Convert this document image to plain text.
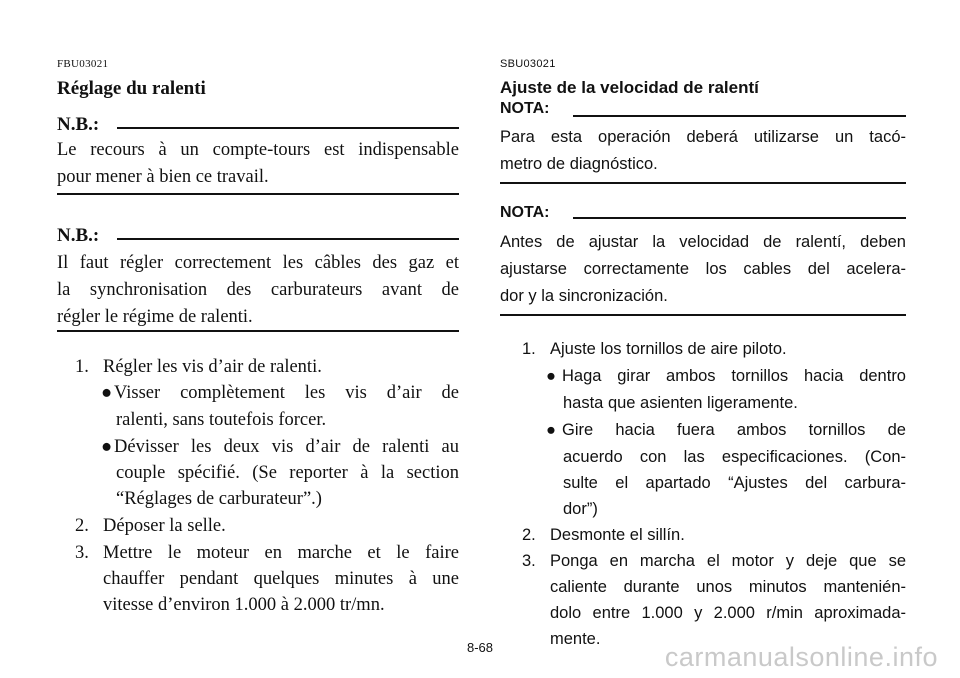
FBU03021
Réglage du ralenti
N.B.:
Le recours à un compte-tours est indispensable
pour mener à bien ce travail.
N.B.:
Il faut régler correctement les câbles des gaz et
la synchronisation des carburateurs avant de
régler le régime de ralenti.
1. Régler les vis d’air de ralenti.
● Visser complètement les vis d’air de
ralenti, sans toutefois forcer.
● Dévisser les deux vis d’air de ralenti au
couple spécifié. (Se reporter à la section
“Réglages de carburateur”.)
2. Déposer la selle.
3. Mettre le moteur en marche et le faire
chauffer pendant quelques minutes à une
vitesse d’environ 1.000 à 2.000 tr/mn.
SBU03021
Ajuste de la velocidad de ralentí
NOTA:
Para esta operación deberá utilizarse un tacó-
metro de diagnóstico.
NOTA:
Antes de ajustar la velocidad de ralentí, deben
ajustarse correctamente los cables del acelera-
dor y la sincronización.
1. Ajuste los tornillos de aire piloto.
● Haga girar ambos tornillos hacia dentro
hasta que asienten ligeramente.
● Gire hacia fuera ambos tornillos de
acuerdo con las especificaciones. (Con-
sulte el apartado “Ajustes del carbura-
dor”)
2. Desmonte el sillín.
3. Ponga en marcha el motor y deje que se
caliente durante unos minutos mantenién-
dolo entre 1.000 y 2.000 r/min aproximada-
mente.
8-68	carmanualsonline.info
